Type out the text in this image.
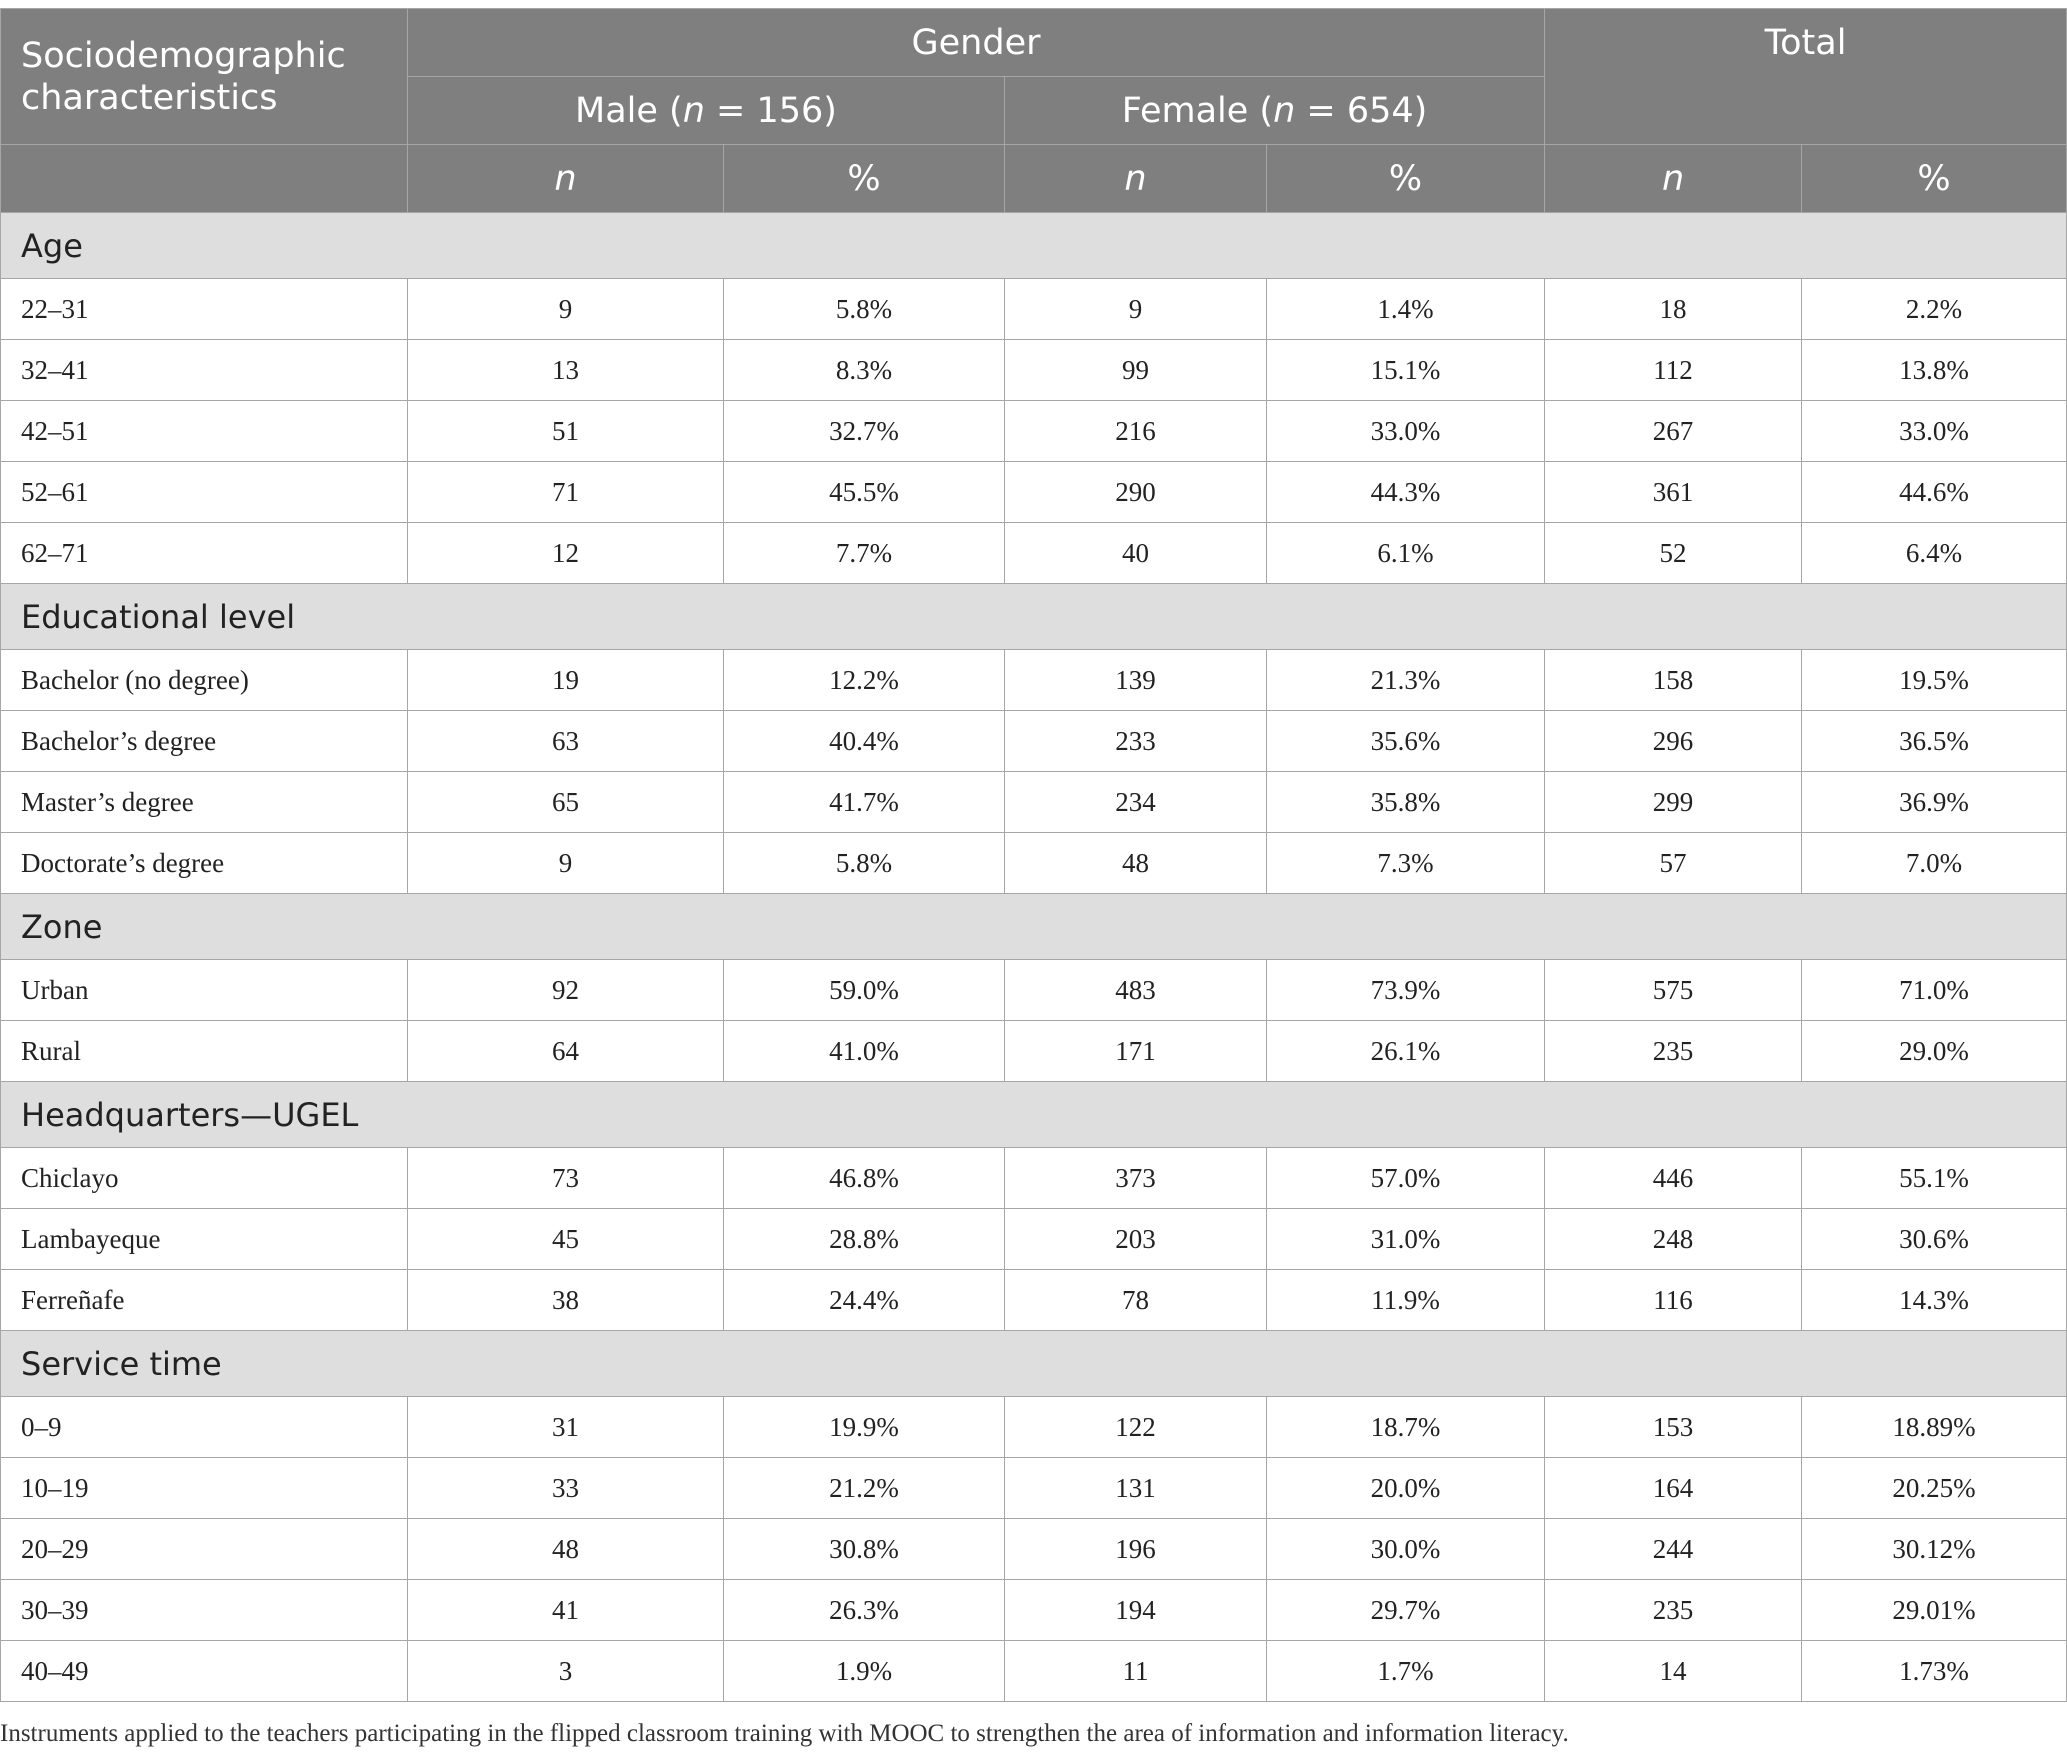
Sociodemographic characteristics	Gender				Total	
	Male (n = 156)		Female (n = 654)			
	n	%	n	%	n	%
Age						
22–31	9	5.8%	9	1.4%	18	2.2%
32–41	13	8.3%	99	15.1%	112	13.8%
42–51	51	32.7%	216	33.0%	267	33.0%
52–61	71	45.5%	290	44.3%	361	44.6%
62–71	12	7.7%	40	6.1%	52	6.4%
Educational level						
Bachelor (no degree)	19	12.2%	139	21.3%	158	19.5%
Bachelor’s degree	63	40.4%	233	35.6%	296	36.5%
Master’s degree	65	41.7%	234	35.8%	299	36.9%
Doctorate’s degree	9	5.8%	48	7.3%	57	7.0%
Zone						
Urban	92	59.0%	483	73.9%	575	71.0%
Rural	64	41.0%	171	26.1%	235	29.0%
Headquarters—UGEL						
Chiclayo	73	46.8%	373	57.0%	446	55.1%
Lambayeque	45	28.8%	203	31.0%	248	30.6%
Ferreñafe	38	24.4%	78	11.9%	116	14.3%
Service time						
0–9	31	19.9%	122	18.7%	153	18.89%
10–19	33	21.2%	131	20.0%	164	20.25%
20–29	48	30.8%	196	30.0%	244	30.12%
30–39	41	26.3%	194	29.7%	235	29.01%
40–49	3	1.9%	11	1.7%	14	1.73%
Instruments applied to the teachers participating in the flipped classroom training with MOOC to strengthen the area of information and information literacy.
